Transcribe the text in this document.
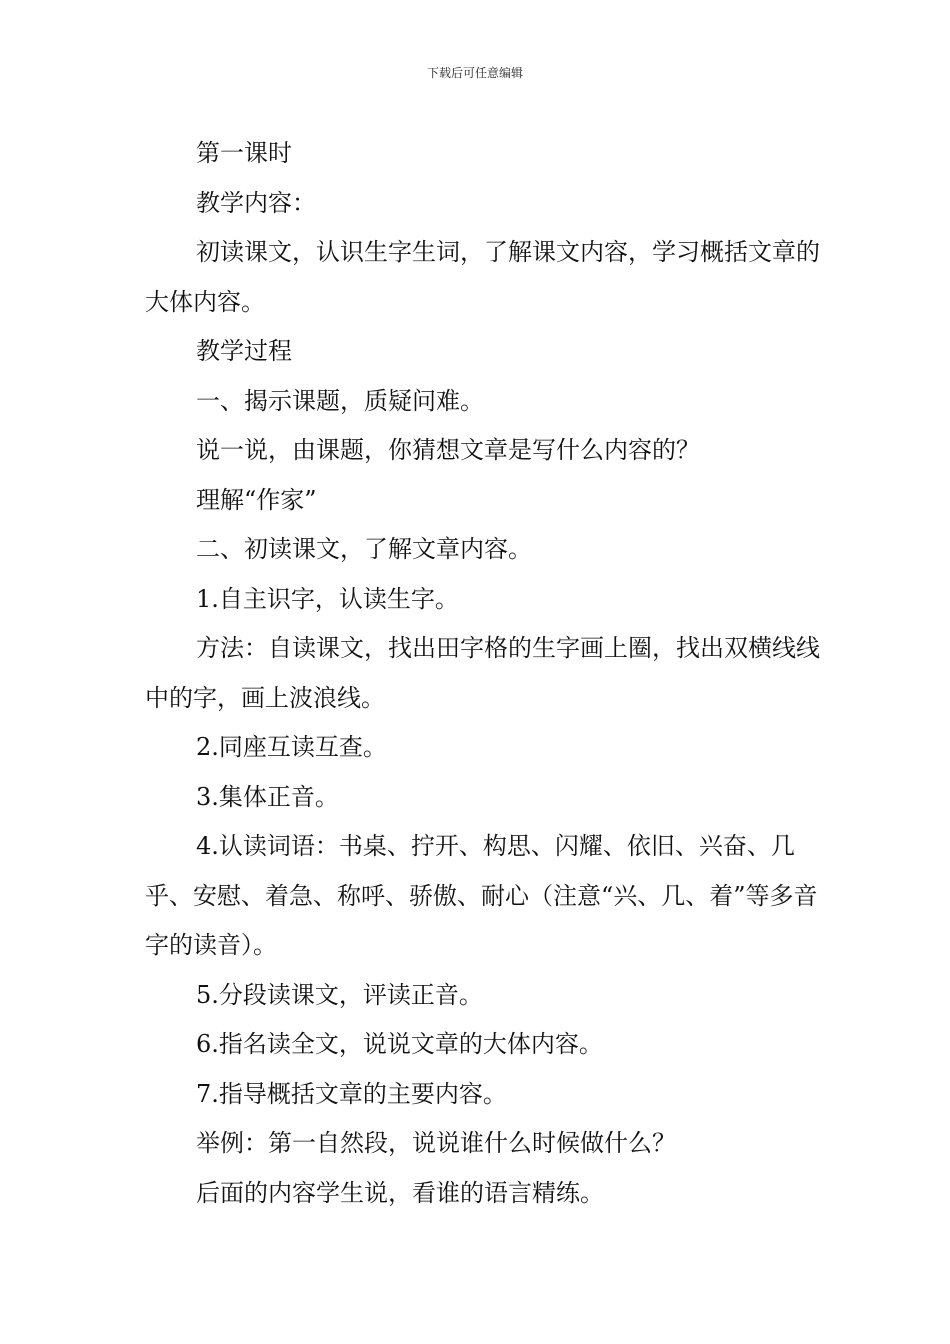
下载后可任意编辑

第一课时

教学内容：

初读课文，认识生字生词，了解课文内容，学习概括文章的大体内容。

教学过程

一、揭示课题，质疑问难。

说一说，由课题，你猜想文章是写什么内容的？

理解“作家”

二、初读课文，了解文章内容。

1.自主识字，认读生字。

方法：自读课文，找出田字格的生字画上圈，找出双横线线中的字，画上波浪线。

2.同座互读互查。

3.集体正音。

4.认读词语：书桌、拧开、构思、闪耀、依旧、兴奋、几乎、安慰、着急、称呼、骄傲、耐心（注意“兴、几、着”等多音字的读音）。

5.分段读课文，评读正音。

6.指名读全文，说说文章的大体内容。

7.指导概括文章的主要内容。

举例：第一自然段，说说谁什么时候做什么？

后面的内容学生说，看谁的语言精练。
